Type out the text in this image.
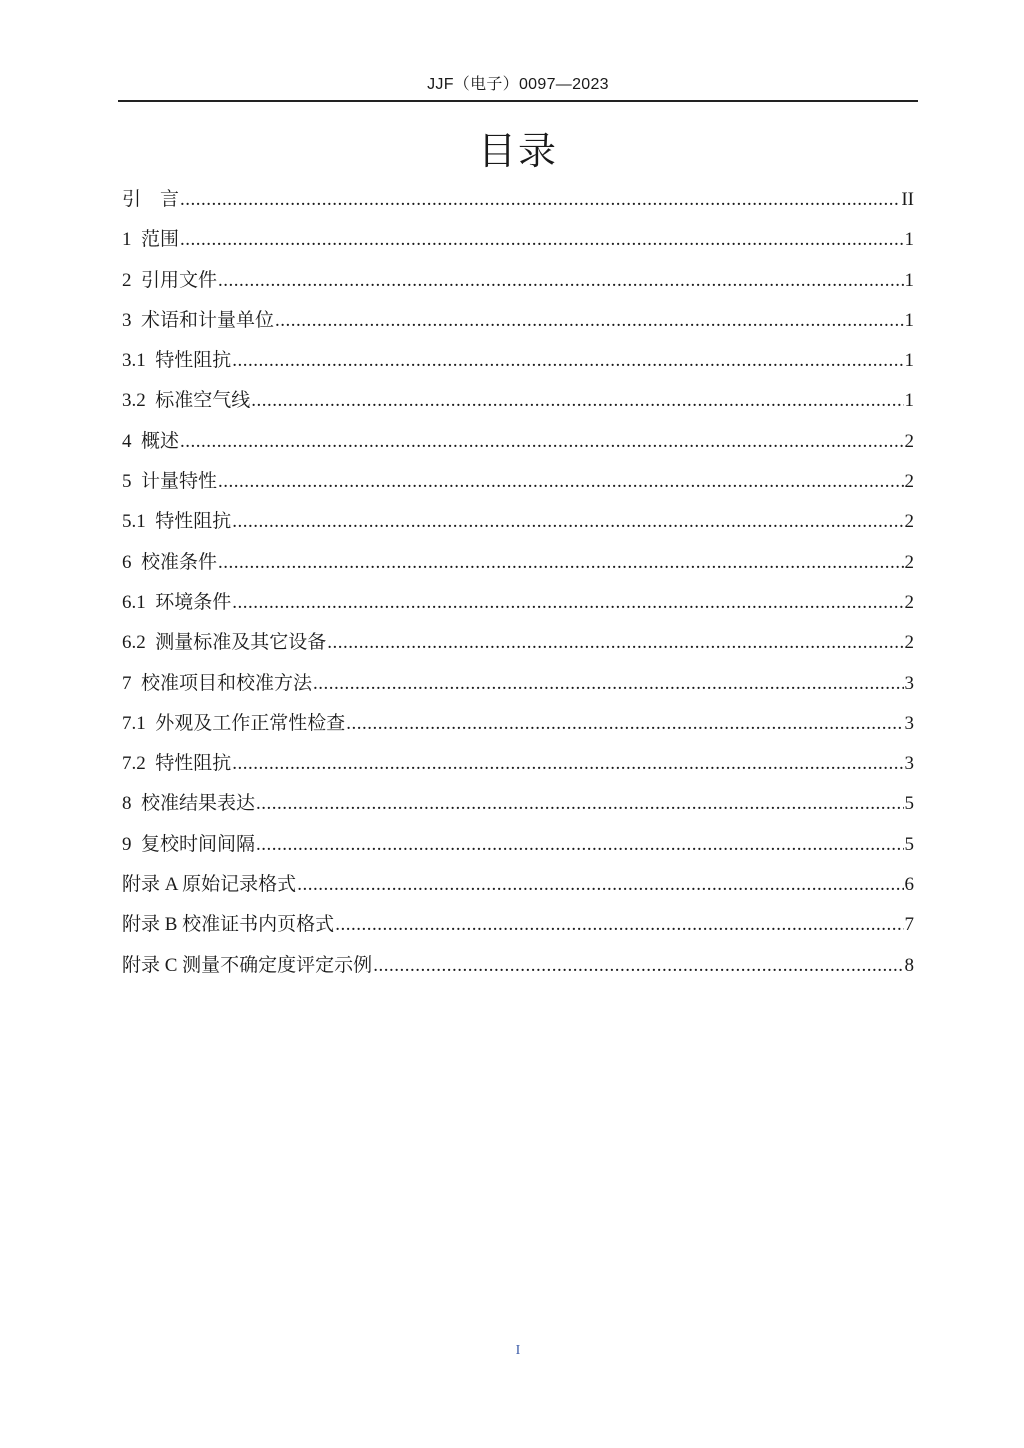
JJF（电子）0097—2023
目录
引　言 .....	II
1  范围 .....	1
2  引用文件 .....	1
3  术语和计量单位 .....	1
3.1  特性阻抗 .....	1
3.2  标准空气线 .....	1
4  概述 .....	2
5  计量特性 .....	2
5.1  特性阻抗 .....	2
6  校准条件 .....	2
6.1  环境条件 .....	2
6.2  测量标准及其它设备 .....	2
7  校准项目和校准方法 .....	3
7.1  外观及工作正常性检查 .....	3
7.2  特性阻抗 .....	3
8  校准结果表达 .....	5
9  复校时间间隔 .....	5
附录 A 原始记录格式 .....	6
附录 B 校准证书内页格式 .....	7
附录 C 测量不确定度评定示例 .....	8
I
